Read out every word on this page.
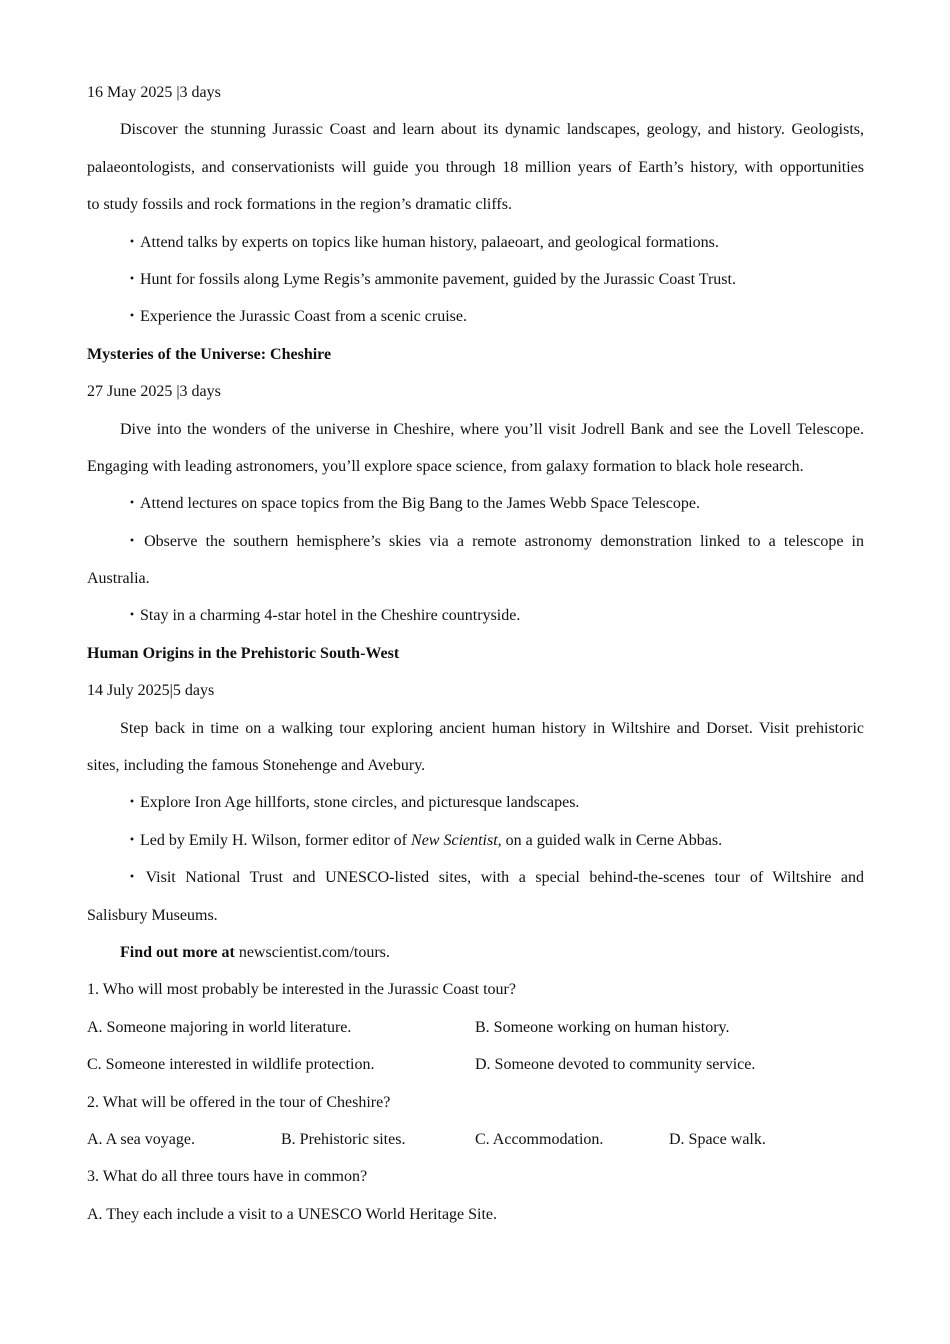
16 May 2025 |3 days
Discover the stunning Jurassic Coast and learn about its dynamic landscapes, geology, and history. Geologists,
palaeontologists, and conservationists will guide you through 18 million years of Earth’s history, with opportunities
to study fossils and rock formations in the region’s dramatic cliffs.
・Attend talks by experts on topics like human history, palaeoart, and geological formations.
・Hunt for fossils along Lyme Regis’s ammonite pavement, guided by the Jurassic Coast Trust.
・Experience the Jurassic Coast from a scenic cruise.
Mysteries of the Universe: Cheshire
27 June 2025 |3 days
Dive into the wonders of the universe in Cheshire, where you’ll visit Jodrell Bank and see the Lovell Telescope.
Engaging with leading astronomers, you’ll explore space science, from galaxy formation to black hole research.
・Attend lectures on space topics from the Big Bang to the James Webb Space Telescope.
・Observe the southern hemisphere’s skies via a remote astronomy demonstration linked to a telescope in
Australia.
・Stay in a charming 4-star hotel in the Cheshire countryside.
Human Origins in the Prehistoric South-West
14 July 2025|5 days
Step back in time on a walking tour exploring ancient human history in Wiltshire and Dorset. Visit prehistoric
sites, including the famous Stonehenge and Avebury.
・Explore Iron Age hillforts, stone circles, and picturesque landscapes.
・Led by Emily H. Wilson, former editor of New Scientist, on a guided walk in Cerne Abbas.
・Visit National Trust and UNESCO-listed sites, with a special behind-the-scenes tour of Wiltshire and
Salisbury Museums.
Find out more at newscientist.com/tours.
1. Who will most probably be interested in the Jurassic Coast tour?
A. Someone majoring in world literature.	B. Someone working on human history.
C. Someone interested in wildlife protection.	D. Someone devoted to community service.
2. What will be offered in the tour of Cheshire?
A. A sea voyage.	B. Prehistoric sites.	C. Accommodation.	D. Space walk.
3. What do all three tours have in common?
A. They each include a visit to a UNESCO World Heritage Site.
